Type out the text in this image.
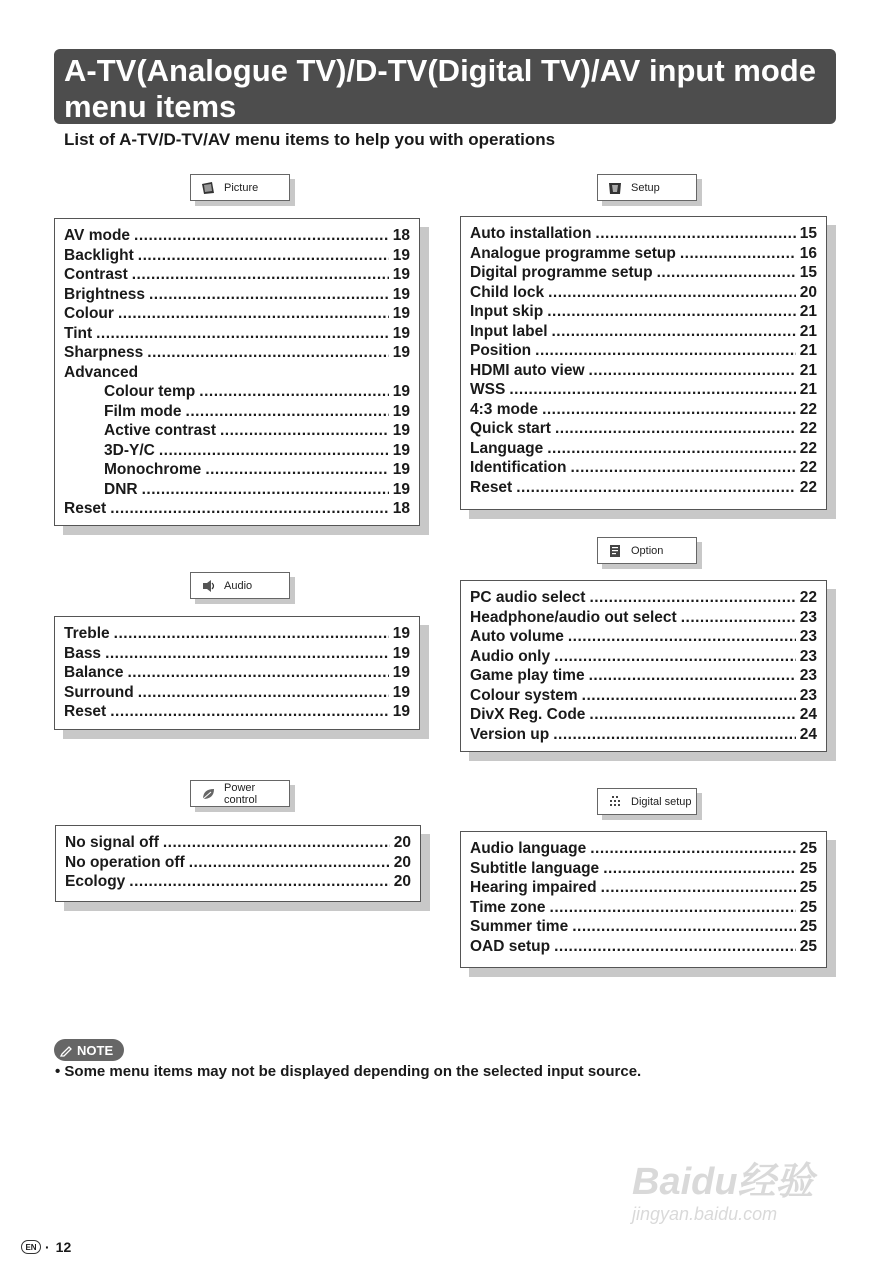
A-TV(Analogue TV)/D-TV(Digital TV)/AV input mode menu items
List of A-TV/D-TV/AV menu items to help you with operations
Picture
AV mode .....	18
Backlight .....	19
Contrast .....	19
Brightness .....	19
Colour .....	19
Tint .....	19
Sharpness .....	19
Advanced
Colour temp .....	19
Film mode .....	19
Active contrast .....	19
3D-Y/C .....	19
Monochrome .....	19
DNR .....	19
Reset .....	18
Audio
Treble .....	19
Bass .....	19
Balance .....	19
Surround .....	19
Reset .....	19
Power control
No signal off .....	20
No operation off .....	20
Ecology .....	20
Setup
Auto installation .....	15
Analogue programme setup .....	16
Digital programme setup .....	15
Child lock .....	20
Input skip .....	21
Input label .....	21
Position .....	21
HDMI auto view .....	21
WSS .....	21
4:3 mode .....	22
Quick start .....	22
Language .....	22
Identification .....	22
Reset .....	22
Option
PC audio select .....	22
Headphone/audio out select .....	23
Auto volume .....	23
Audio only .....	23
Game play time .....	23
Colour system .....	23
DivX Reg. Code .....	24
Version up .....	24
Digital setup
Audio language .....	25
Subtitle language .....	25
Hearing impaired .....	25
Time zone .....	25
Summer time .....	25
OAD setup .....	25
NOTE
• Some menu items may not be displayed depending on the selected input source.
EN · 12
Baidu经验
jingyan.baidu.com
